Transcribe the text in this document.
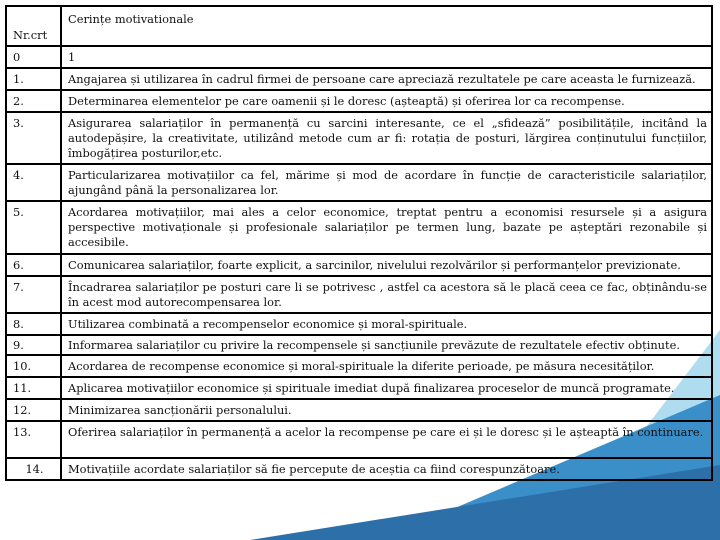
Nr.crt	Cerințe motivationale

0	1
1.	Angajarea și utilizarea în cadrul firmei de persoane care apreciază rezultatele pe care aceasta le furnizează.
2.	Determinarea elementelor pe care oamenii și le doresc (așteaptă) și oferirea lor ca recompense.
3.	Asigurarea salariaților în permanență cu sarcini interesante, ce el „sfidează” posibilitățile, incitând la autodepășire, la creativitate, utilizând metode cum ar fi: rotația de posturi, lărgirea conținutului funcțiilor, îmbogățirea posturilor,etc.
4.	Particularizarea motivațiilor ca fel, mărime și mod de acordare în funcție de caracteristicile salariaților, ajungând până la personalizarea lor.
5.	Acordarea motivațiilor, mai ales a celor economice, treptat pentru a economisi resursele și a asigura perspective motivaționale și profesionale salariaților pe termen lung, bazate pe așteptări rezonabile și accesibile.
6.	Comunicarea salariaților, foarte explicit, a sarcinilor, nivelului rezolvărilor și performanțelor previzionate.
7.	Încadrarea salariaților pe posturi care li se potrivesc , astfel ca acestora să le placă ceea ce fac, obținându-se în acest mod autorecompensarea lor.
8.	Utilizarea combinată a recompenselor economice și moral-spirituale.
9.	Informarea salariaților cu privire la recompensele și sancțiunile prevăzute de rezultatele efectiv obținute.
10.	Acordarea de recompense economice și moral-spirituale la diferite perioade, pe măsura necesităților.
11.	Aplicarea motivațiilor economice și spirituale imediat după finalizarea proceselor de muncă programate.
12.	Minimizarea sancționării personalului.
13.	Oferirea salariaților în permanență a acelor la recompense pe care ei și le doresc și le așteaptă în continuare.
14.	Motivațiile acordate salariaților să fie percepute de aceștia ca fiind corespunzătoare.
